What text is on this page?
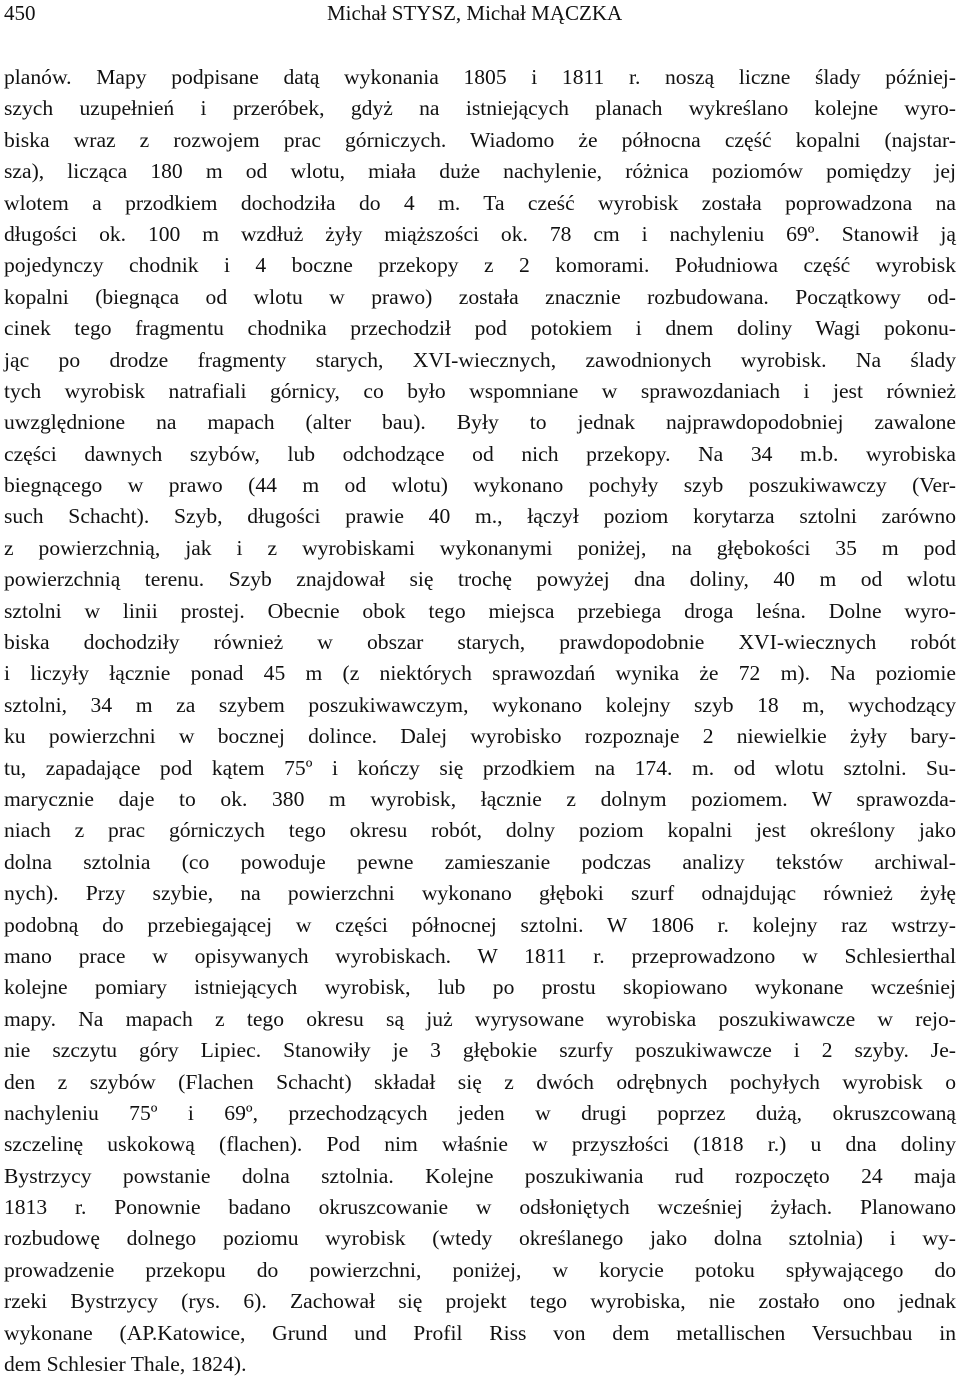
450	Michał STYSZ, Michał MĄCZKA
planów. Mapy podpisane datą wykonania 1805 i 1811 r. noszą liczne ślady później-
szych uzupełnień i przeróbek, gdyż na istniejących planach wykreślano kolejne wyro-
biska wraz z rozwojem prac górniczych. Wiadomo że północna część kopalni (najstar-
sza), licząca 180 m od wlotu, miała duże nachylenie, różnica poziomów pomiędzy jej
wlotem a przodkiem dochodziła do 4 m. Ta cześć wyrobisk została poprowadzona na
długości ok. 100 m wzdłuż żyły miąższości ok. 78 cm i nachyleniu 69º. Stanowił ją
pojedynczy chodnik i 4 boczne przekopy z 2 komorami. Południowa część wyrobisk
kopalni (biegnąca od wlotu w prawo) została znacznie rozbudowana. Początkowy od-
cinek tego fragmentu chodnika przechodził pod potokiem i dnem doliny Wagi pokonu-
jąc po drodze fragmenty starych, XVI-wiecznych, zawodnionych wyrobisk. Na ślady
tych wyrobisk natrafiali górnicy, co było wspomniane w sprawozdaniach i jest również
uwzględnione na mapach (alter bau). Były to jednak najprawdopodobniej zawalone
części dawnych szybów, lub odchodzące od nich przekopy. Na 34 m.b. wyrobiska
biegnącego w prawo (44 m od wlotu) wykonano pochyły szyb poszukiwawczy (Ver-
such Schacht). Szyb, długości prawie 40 m., łączył poziom korytarza sztolni zarówno
z powierzchnią, jak i z wyrobiskami wykonanymi poniżej, na głębokości 35 m pod
powierzchnią terenu. Szyb znajdował się trochę powyżej dna doliny, 40 m od wlotu
sztolni w linii prostej. Obecnie obok tego miejsca przebiega droga leśna. Dolne wyro-
biska dochodziły również w obszar starych, prawdopodobnie XVI-wiecznych robót
i liczyły łącznie ponad 45 m (z niektórych sprawozdań wynika że 72 m). Na poziomie
sztolni, 34 m za szybem poszukiwawczym, wykonano kolejny szyb 18 m, wychodzący
ku powierzchni w bocznej dolince. Dalej wyrobisko rozpoznaje 2 niewielkie żyły bary-
tu, zapadające pod kątem 75º i kończy się przodkiem na 174. m. od wlotu sztolni. Su-
marycznie daje to ok. 380 m wyrobisk, łącznie z dolnym poziomem. W sprawozda-
niach z prac górniczych tego okresu robót, dolny poziom kopalni jest określony jako
dolna sztolnia (co powoduje pewne zamieszanie podczas analizy tekstów archiwal-
nych). Przy szybie, na powierzchni wykonano głęboki szurf odnajdując również żyłę
podobną do przebiegającej w części północnej sztolni. W 1806 r. kolejny raz wstrzy-
mano prace w opisywanych wyrobiskach. W 1811 r. przeprowadzono w Schlesierthal
kolejne pomiary istniejących wyrobisk, lub po prostu skopiowano wykonane wcześniej
mapy. Na mapach z tego okresu są już wyrysowane wyrobiska poszukiwawcze w rejo-
nie szczytu góry Lipiec. Stanowiły je 3 głębokie szurfy poszukiwawcze i 2 szyby. Je-
den z szybów (Flachen Schacht) składał się z dwóch odrębnych pochyłych wyrobisk o
nachyleniu 75º i 69º, przechodzących jeden w drugi poprzez dużą, okruszcowaną
szczelinę uskokową (flachen). Pod nim właśnie w przyszłości (1818 r.) u dna doliny
Bystrzycy powstanie dolna sztolnia. Kolejne poszukiwania rud rozpoczęto 24 maja
1813 r. Ponownie badano okruszcowanie w odsłoniętych wcześniej żyłach. Planowano
rozbudowę dolnego poziomu wyrobisk (wtedy określanego jako dolna sztolnia) i wy-
prowadzenie przekopu do powierzchni, poniżej, w korycie potoku spływającego do
rzeki Bystrzycy (rys. 6). Zachował się projekt tego wyrobiska, nie zostało ono jednak
wykonane (AP.Katowice, Grund und Profil Riss von dem metallischen Versuchbau in
dem Schlesier Thale, 1824).
